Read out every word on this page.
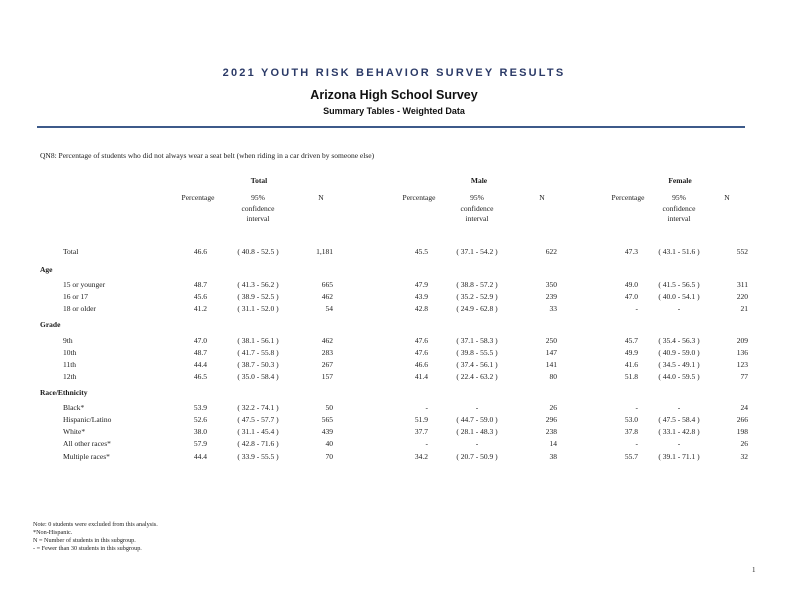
2021 YOUTH RISK BEHAVIOR SURVEY RESULTS
Arizona High School Survey
Summary Tables - Weighted Data
QN8: Percentage of students who did not always wear a seat belt (when riding in a car driven by someone else)
Total
Percentage	95%
confidence
interval
N
Male
Percentage	95%
confidence
interval
N
Female
Percentage	95%
confidence
interval
N
Total	46.6	( 40.8 - 52.5 )	1,181	45.5	( 37.1 - 54.2 )	622	47.3	( 43.1 - 51.6 )	552
Age
15 or younger	48.7	( 41.3 - 56.2 )	665	47.9	( 38.8 - 57.2 )	350	49.0	( 41.5 - 56.5 )	311
16 or 17	45.6	( 38.9 - 52.5 )	462	43.9	( 35.2 - 52.9 )	239	47.0	( 40.0 - 54.1 )	220
18 or older	41.2	( 31.1 - 52.0 )	54	42.8	( 24.9 - 62.8 )	33	-	-	21
Grade
9th	47.0	( 38.1 - 56.1 )	462	47.6	( 37.1 - 58.3 )	250	45.7	( 35.4 - 56.3 )	209
10th	48.7	( 41.7 - 55.8 )	283	47.6	( 39.8 - 55.5 )	147	49.9	( 40.9 - 59.0 )	136
11th	44.4	( 38.7 - 50.3 )	267	46.6	( 37.4 - 56.1 )	141	41.6	( 34.5 - 49.1 )	123
12th	46.5	( 35.0 - 58.4 )	157	41.4	( 22.4 - 63.2 )	80	51.8	( 44.0 - 59.5 )	77
Race/Ethnicity
Black*	53.9	( 32.2 - 74.1 )	50	-	-	26	-	-	24
Hispanic/Latino	52.6	( 47.5 - 57.7 )	565	51.9	( 44.7 - 59.0 )	296	53.0	( 47.5 - 58.4 )	266
White*	38.0	( 31.1 - 45.4 )	439	37.7	( 28.1 - 48.3 )	238	37.8	( 33.1 - 42.8 )	198
All other races*	57.9	( 42.8 - 71.6 )	40	-	-	14	-	-	26
Multiple races*	44.4	( 33.9 - 55.5 )	70	34.2	( 20.7 - 50.9 )	38	55.7	( 39.1 - 71.1 )	32
Note: 0 students were excluded from this analysis.
*Non-Hispanic.
N = Number of students in this subgroup.
- = Fewer than 30 students in this subgroup.
1
